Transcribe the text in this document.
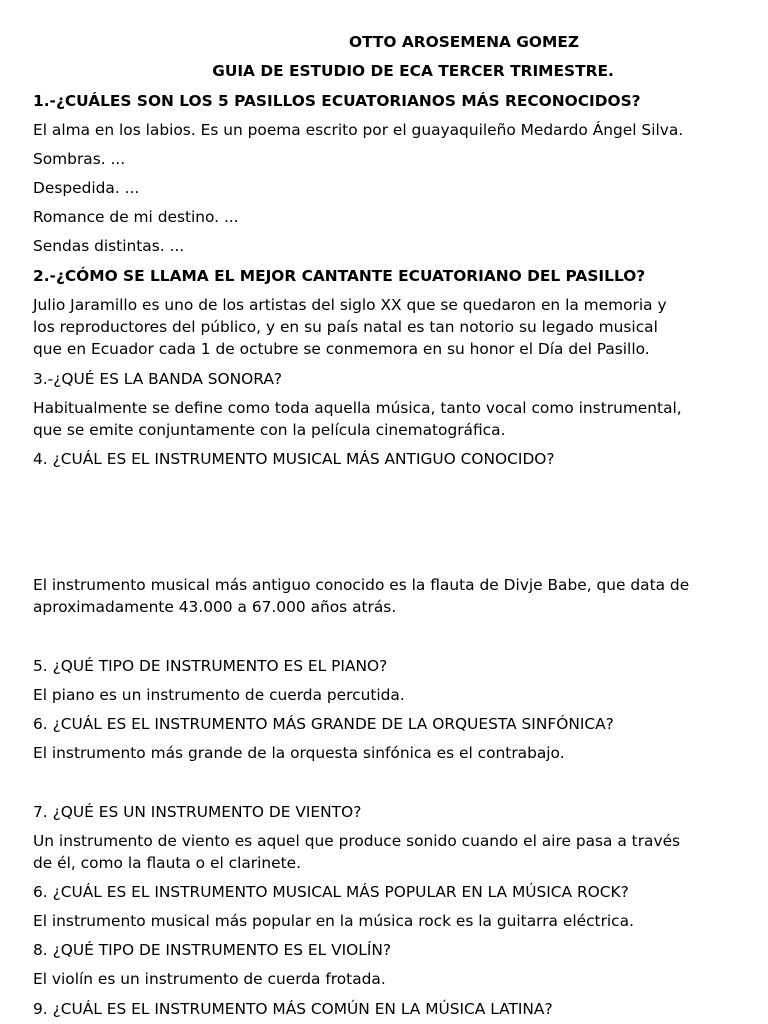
OTTO AROSEMENA GOMEZ
GUIA DE ESTUDIO DE ECA TERCER TRIMESTRE.
1.-¿CUÁLES SON LOS 5 PASILLOS ECUATORIANOS MÁS RECONOCIDOS?
El alma en los labios. Es un poema escrito por el guayaquileño Medardo Ángel Silva.
Sombras. ...
Despedida. ...
Romance de mi destino. ...
Sendas distintas. ...
2.-¿CÓMO SE LLAMA EL MEJOR CANTANTE ECUATORIANO DEL PASILLO?
Julio Jaramillo es uno de los artistas del siglo XX que se quedaron en la memoria y
los reproductores del público, y en su país natal es tan notorio su legado musical
que en Ecuador cada 1 de octubre se conmemora en su honor el Día del Pasillo.
3.-¿QUÉ ES LA BANDA SONORA?
Habitualmente se define como toda aquella música, tanto vocal como instrumental,
que se emite conjuntamente con la película cinematográfica.
4. ¿CUÁL ES EL INSTRUMENTO MUSICAL MÁS ANTIGUO CONOCIDO?
El instrumento musical más antiguo conocido es la flauta de Divje Babe, que data de
aproximadamente 43.000 a 67.000 años atrás.
5. ¿QUÉ TIPO DE INSTRUMENTO ES EL PIANO?
El piano es un instrumento de cuerda percutida.
6. ¿CUÁL ES EL INSTRUMENTO MÁS GRANDE DE LA ORQUESTA SINFÓNICA?
El instrumento más grande de la orquesta sinfónica es el contrabajo.
7. ¿QUÉ ES UN INSTRUMENTO DE VIENTO?
Un instrumento de viento es aquel que produce sonido cuando el aire pasa a través
de él, como la flauta o el clarinete.
6. ¿CUÁL ES EL INSTRUMENTO MUSICAL MÁS POPULAR EN LA MÚSICA ROCK?
El instrumento musical más popular en la música rock es la guitarra eléctrica.
8. ¿QUÉ TIPO DE INSTRUMENTO ES EL VIOLÍN?
El violín es un instrumento de cuerda frotada.
9. ¿CUÁL ES EL INSTRUMENTO MÁS COMÚN EN LA MÚSICA LATINA?
